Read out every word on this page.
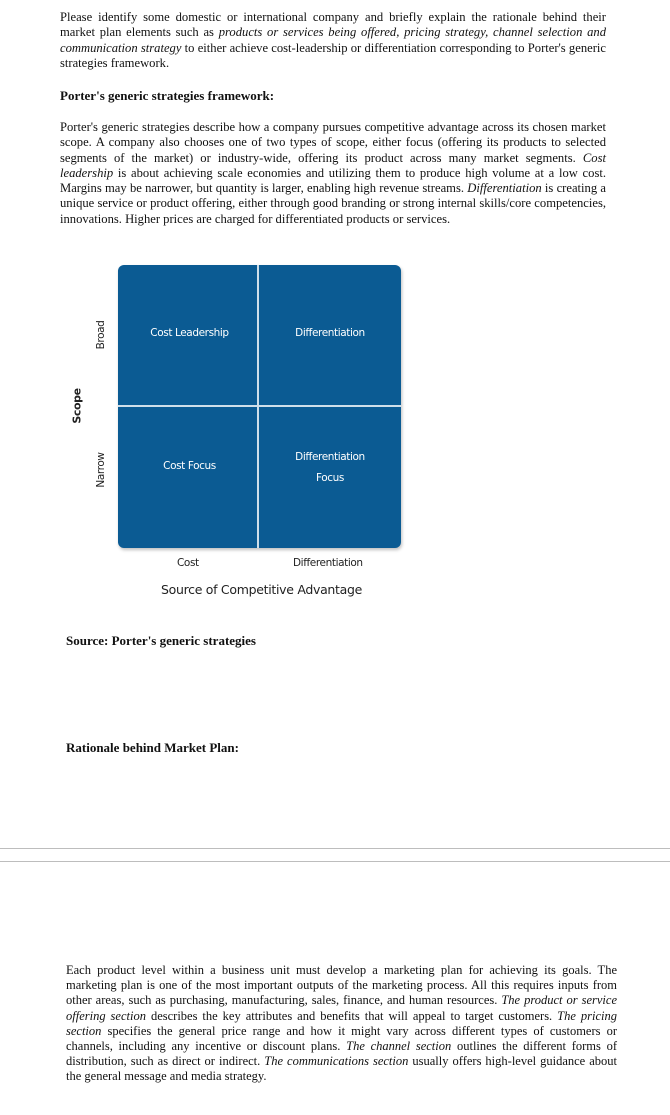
Please identify some domestic or international company and briefly explain the rationale behind their market plan elements such as products or services being offered, pricing strategy, channel selection and communication strategy to either achieve cost-leadership or differentiation corresponding to Porter's generic strategies framework.

Porter's generic strategies framework:

Porter's generic strategies describe how a company pursues competitive advantage across its chosen market scope. A company also chooses one of two types of scope, either focus (offering its products to selected segments of the market) or industry-wide, offering its product across many market segments. Cost leadership is about achieving scale economies and utilizing them to produce high volume at a low cost. Margins may be narrower, but quantity is larger, enabling high revenue streams. Differentiation is creating a unique service or product offering, either through good branding or strong internal skills/core competencies, innovations. Higher prices are charged for differentiated products or services.

Cost Leadership	Differentiation
Cost Focus
Differentiation
Focus
Broad
Narrow
Scope
Cost	Differentiation
Source of Competitive Advantage

Source: Porter's generic strategies

Rationale behind Market Plan:

Each product level within a business unit must develop a marketing plan for achieving its goals. The marketing plan is one of the most important outputs of the marketing process. All this requires inputs from other areas, such as purchasing, manufacturing, sales, finance, and human resources. The product or service offering section describes the key attributes and benefits that will appeal to target customers. The pricing section specifies the general price range and how it might vary across different types of customers or channels, including any incentive or discount plans. The channel section outlines the different forms of distribution, such as direct or indirect. The communications section usually offers high-level guidance about the general message and media strategy.
